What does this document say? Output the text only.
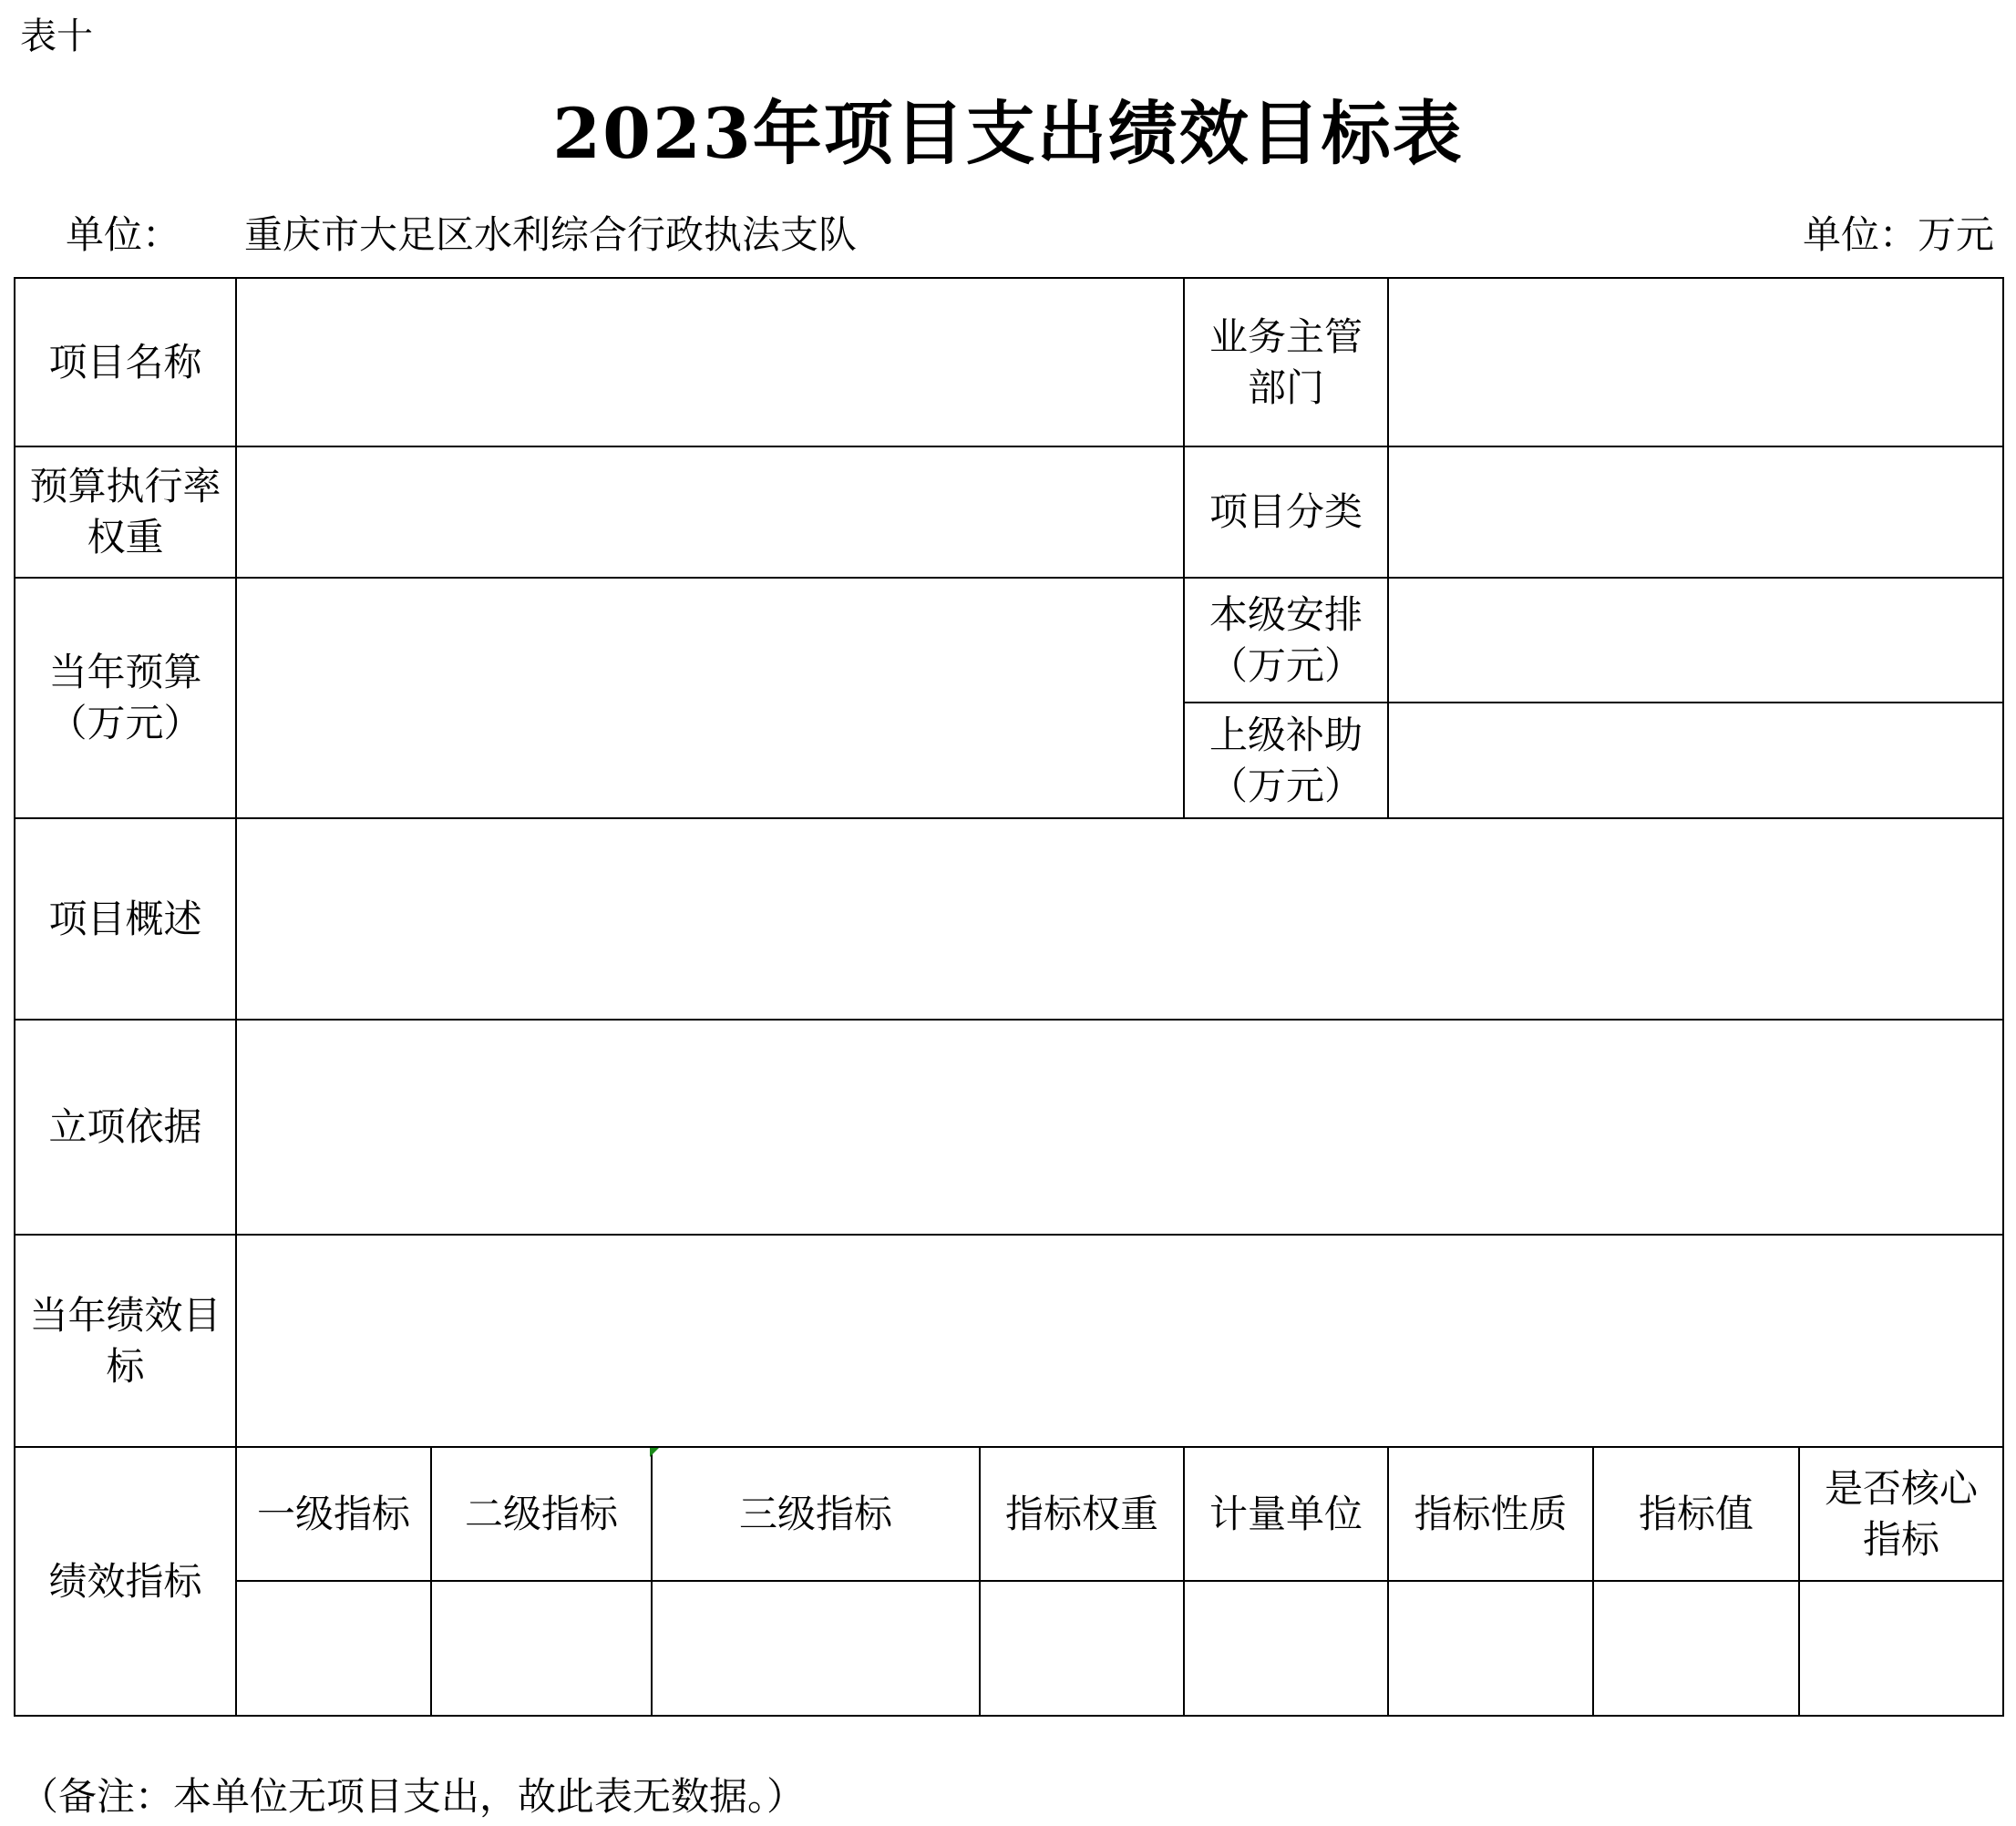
表十
2023年项目支出绩效目标表
单位： 重庆市大足区水利综合行政执法支队	单位：万元
项目名称					业务主管部门			
预算执行率权重					项目分类			
当年预算（万元）					本级安排（万元）			
					上级补助（万元）			
项目概述								
立项依据								
当年绩效目标								
绩效指标	一级指标	二级指标	三级指标	指标权重	计量单位	指标性质	指标值	是否核心指标

（备注：本单位无项目支出，故此表无数据。）
